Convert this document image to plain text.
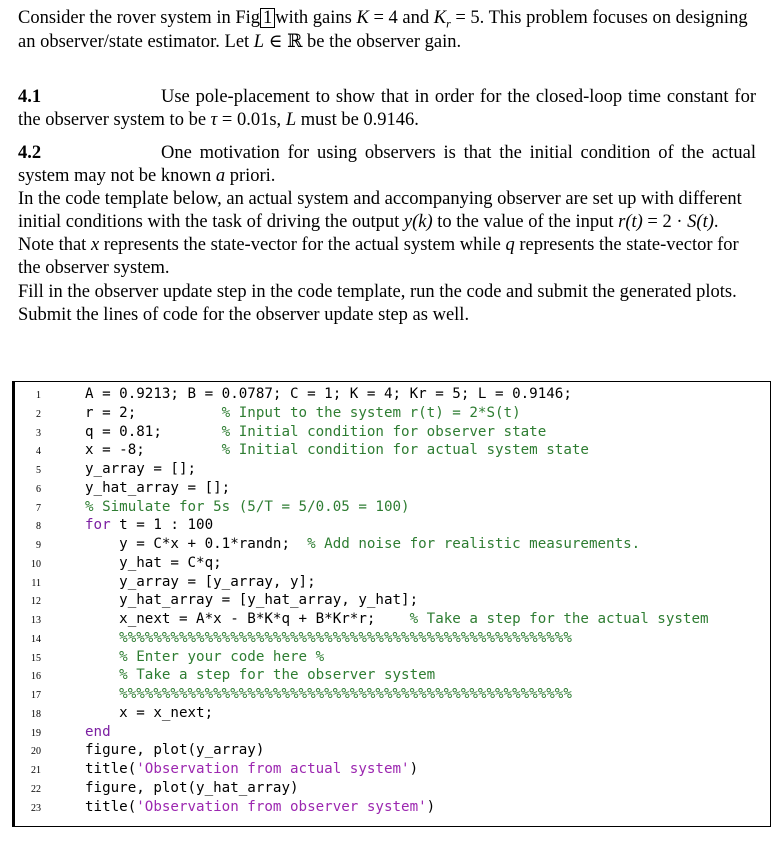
Consider the rover system in Fig 1 with gains K = 4 and $K_r = 5$. This problem focuses on designing
an observer/state estimator. Let L ∈ ℝ be the observer gain.
4.1	Use pole-placement to show that in order for the closed-loop time constant for
the observer system to be τ = 0.01s, L must be 0.9146.
4.2	One motivation for using observers is that the initial condition of the actual
system may not be known a priori.
In the code template below, an actual system and accompanying observer are set up with different
initial conditions with the task of driving the output y(k) to the value of the input r(t) = 2 · S(t).
Note that x represents the state-vector for the actual system while q represents the state-vector for
the observer system.
Fill in the observer update step in the code template, run the code and submit the generated plots.
Submit the lines of code for the observer update step as well.
1	A = 0.9213; B = 0.0787; C = 1; K = 4; Kr = 5; L = 0.9146;
2	r = 2;          % Input to the system r(t) = 2*S(t)
3	q = 0.81;       % Initial condition for observer state
4	x = -8;         % Initial condition for actual system state
5	y_array = [];
6	y_hat_array = [];
7	% Simulate for 5s (5/T = 5/0.05 = 100)
8	for t = 1 : 100
9	y = C*x + 0.1*randn;  % Add noise for realistic measurements.
10	y_hat = C*q;
11	y_array = [y_array, y];
12	y_hat_array = [y_hat_array, y_hat];
13	x_next = A*x - B*K*q + B*Kr*r;    % Take a step for the actual system
14	%%%%%%%%%%%%%%%%%%%%%%%%%%%%%%%%%%%%%%%%%%%%%%%%%%%%%
15	% Enter your code here %
16	% Take a step for the observer system
17	%%%%%%%%%%%%%%%%%%%%%%%%%%%%%%%%%%%%%%%%%%%%%%%%%%%%%
18	x = x_next;
19	end
20	figure, plot(y_array)
21	title('Observation from actual system')
22	figure, plot(y_hat_array)
23	title('Observation from observer system')
